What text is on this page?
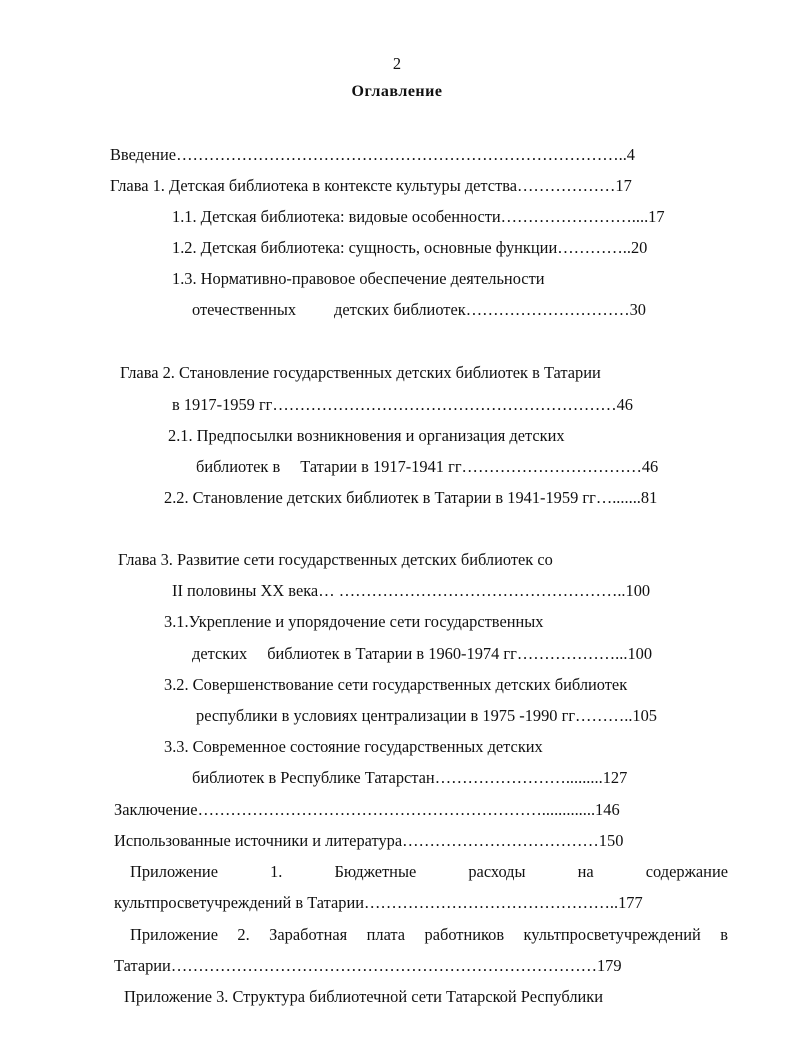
2
Оглавление
Введение………………………………………………………………………..4
Глава 1. Детская библиотека в контексте культуры детства………………17
1.1. Детская библиотека: видовые особенности……………………....17
1.2. Детская библиотека: сущность, основные функции…………..20
1.3. Нормативно-правовое обеспечение деятельности
отечественных детских библиотек…………………………30
Глава 2. Становление государственных детских библиотек в Татарии
в 1917-1959 гг………………………………………………………46
2.1. Предпосылки возникновения и организация детских
библиотек в Татарии в 1917-1941 гг……………………………46
2.2. Становление детских библиотек в Татарии в 1941-1959 гг….......81
Глава 3. Развитие сети государственных детских библиотек со
II половины XX века… ……………………………………………..100
3.1.Укрепление и упорядочение сети государственных
детских библиотек в Татарии в 1960-1974 гг………………...100
3.2. Совершенствование сети государственных детских библиотек
республики в условиях централизации в 1975 -1990 гг………..105
3.3. Современное состояние государственных детских
библиотек в Республике Татарстан…………………….........127
Заключение……………………………………………………….............146
Использованные источники и литература………………………………150
Приложение	1.	Бюджетные	расходы	на	содержание
культпросветучреждений в Татарии………………………………………..177
Приложение 2. Заработная плата работников культпросветучреждений в
Татарии……………………………………………………………………179
Приложение 3. Структура библиотечной сети Татарской Республики
